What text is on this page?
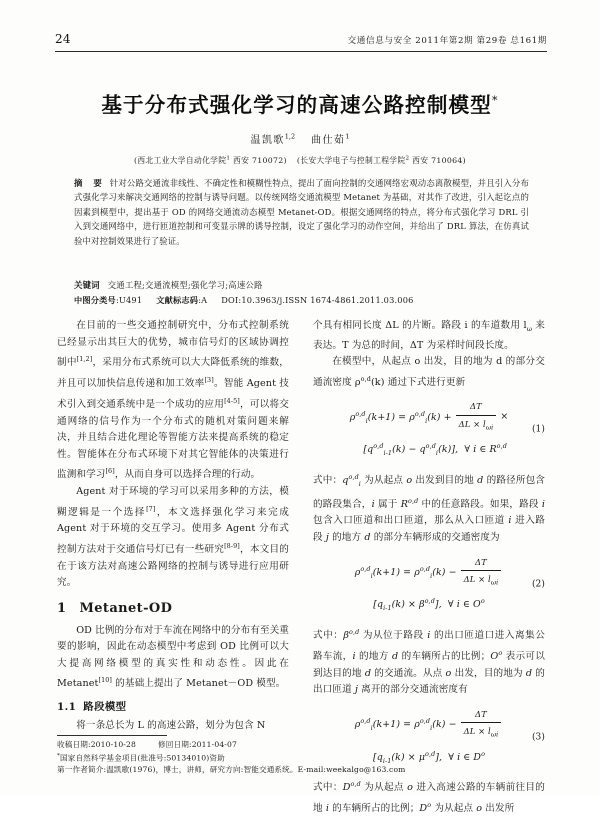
24	交通信息与安全 2011年第2期 第29卷 总161期
基于分布式强化学习的高速公路控制模型*
温凯歌$^{1,2}$ 曲仕茹$^1$
(西北工业大学自动化学院$^1$ 西安 710072) (长安大学电子与控制工程学院$^2$ 西安 710064)
摘 要 针对公路交通流非线性、不确定性和模糊性特点，提出了面向控制的交通网络宏观动态离散模型，并且引入分布式强化学习来解决交通网络的控制与诱导问题。以传统网络交通流模型 Metanet 为基础，对其作了改进，引入起讫点的因素到模型中，提出基于 OD 的网络交通流动态模型 Metanet-OD。根据交通网络的特点，将分布式强化学习 DRL 引入到交通网络中，进行匝道控制和可变显示牌的诱导控制，设定了强化学习的动作空间，并给出了 DRL 算法，在仿真试验中对控制效果进行了验证。
关键词 交通工程;交通流模型;强化学习;高速公路
中图分类号:U491 文献标志码:A DOI:10.3963/j.ISSN 1674-4861.2011.03.006

在目前的一些交通控制研究中，分布式控制系统已经显示出其巨大的优势，城市信号灯的区域协调控制中[1,2]，采用分布式系统可以大大降低系统的维数，并且可以加快信息传递和加工效率[3]。智能 Agent 技术引入到交通系统中是一个成功的应用[4-5]，可以将交通网络的信号作为一个分布式的随机对策问题来解决，并且结合进化理论等智能方法来提高系统的稳定性。智能体在分布式环境下对其它智能体的决策进行监测和学习[6]，从而自身可以选择合理的行动。

Agent 对于环境的学习可以采用多种的方法，模糊逻辑是一个选择[7]，本文选择强化学习来完成 Agent 对于环境的交互学习。使用多 Agent 分布式控制方法对于交通信号灯已有一些研究[8-9]，本文目的在于该方法对高速公路网络的控制与诱导进行应用研究。

1 Metanet-OD

OD 比例的分布对于车流在网络中的分布有至关重要的影响，因此在动态模型中考虑到 OD 比例可以大大提高网络模型的真实性和动态性。因此在 Metanet[10] 的基础上提出了 Metanet－OD 模型。

1.1 路段模型

将一条总长为 L 的高速公路，划分为包含 N

个具有相同长度 ΔL 的片断。路段 i 的车道数用 $l_\omega$ 来表达。T 为总的时间，ΔT 为采样时间段长度。

在模型中，从起点 o 出发，目的地为 d 的部分交通流密度 $\rho^{o,d}(k)$ 通过下式进行更新

$\rho^{o,d}_i(k+1) = \rho^{o,d}_i(k) + \frac{\Delta T}{\Delta L \times l_{\omega i}}$ ×
$[q^{o,d}_{i-1}(k) - q^{o,d}_i(k)]$,  ∀ i ∈ R$^{o,d}$
(1)

式中：$q^{o,d}_i$ 为从起点 o 出发到目的地 d 的路径所包含的路段集合，i 属于 R$^{o,d}$ 中的任意路段。如果，路段 i 包含入口匝道和出口匝道，那么从入口匝道 i 进入路段 j 的地方 d 的部分车辆形成的交通密度为

$\rho^{o,d}_i(k+1) = \rho^{o,d}_i(k) - \frac{\Delta T}{\Delta L \times l_{\omega i}}$
$[q_{i-1}(k) \times \beta^{o,d}]$,  ∀ i ∈ $O^o$
(2)

式中：$\beta^{o,d}$ 为从位于路段 i 的出口匝道口进入离集公路车流，i 的地方 d 的车辆所占的比例；$O^o$ 表示可以到达目的地 d 的交通流。从点 o 出发，目的地为 d 的出口匝道 j 离开的部分交通流密度有

$\rho^{o,d}_i(k+1) = \rho^{o,d}_i(k) - \frac{\Delta T}{\Delta L \times l_{\omega i}}$
$[q_{i-1}(k) \times \mu^{o,d}]$,  ∀ i ∈ $D^o$
(3)

式中：D$^{o,d}$ 为从起点 o 进入高速公路的车辆前往目的地 i 的车辆所占的比例；$D^o$ 为从起点 o 出发所

收稿日期:2010-10-28	修回日期:2011-04-07

*国家自然科学基金项目(批准号:50134010)资助

第一作者简介:温凯歌(1976)，博士，讲师，研究方向:智能交通系统。E-mail:weekalgo@163.com
